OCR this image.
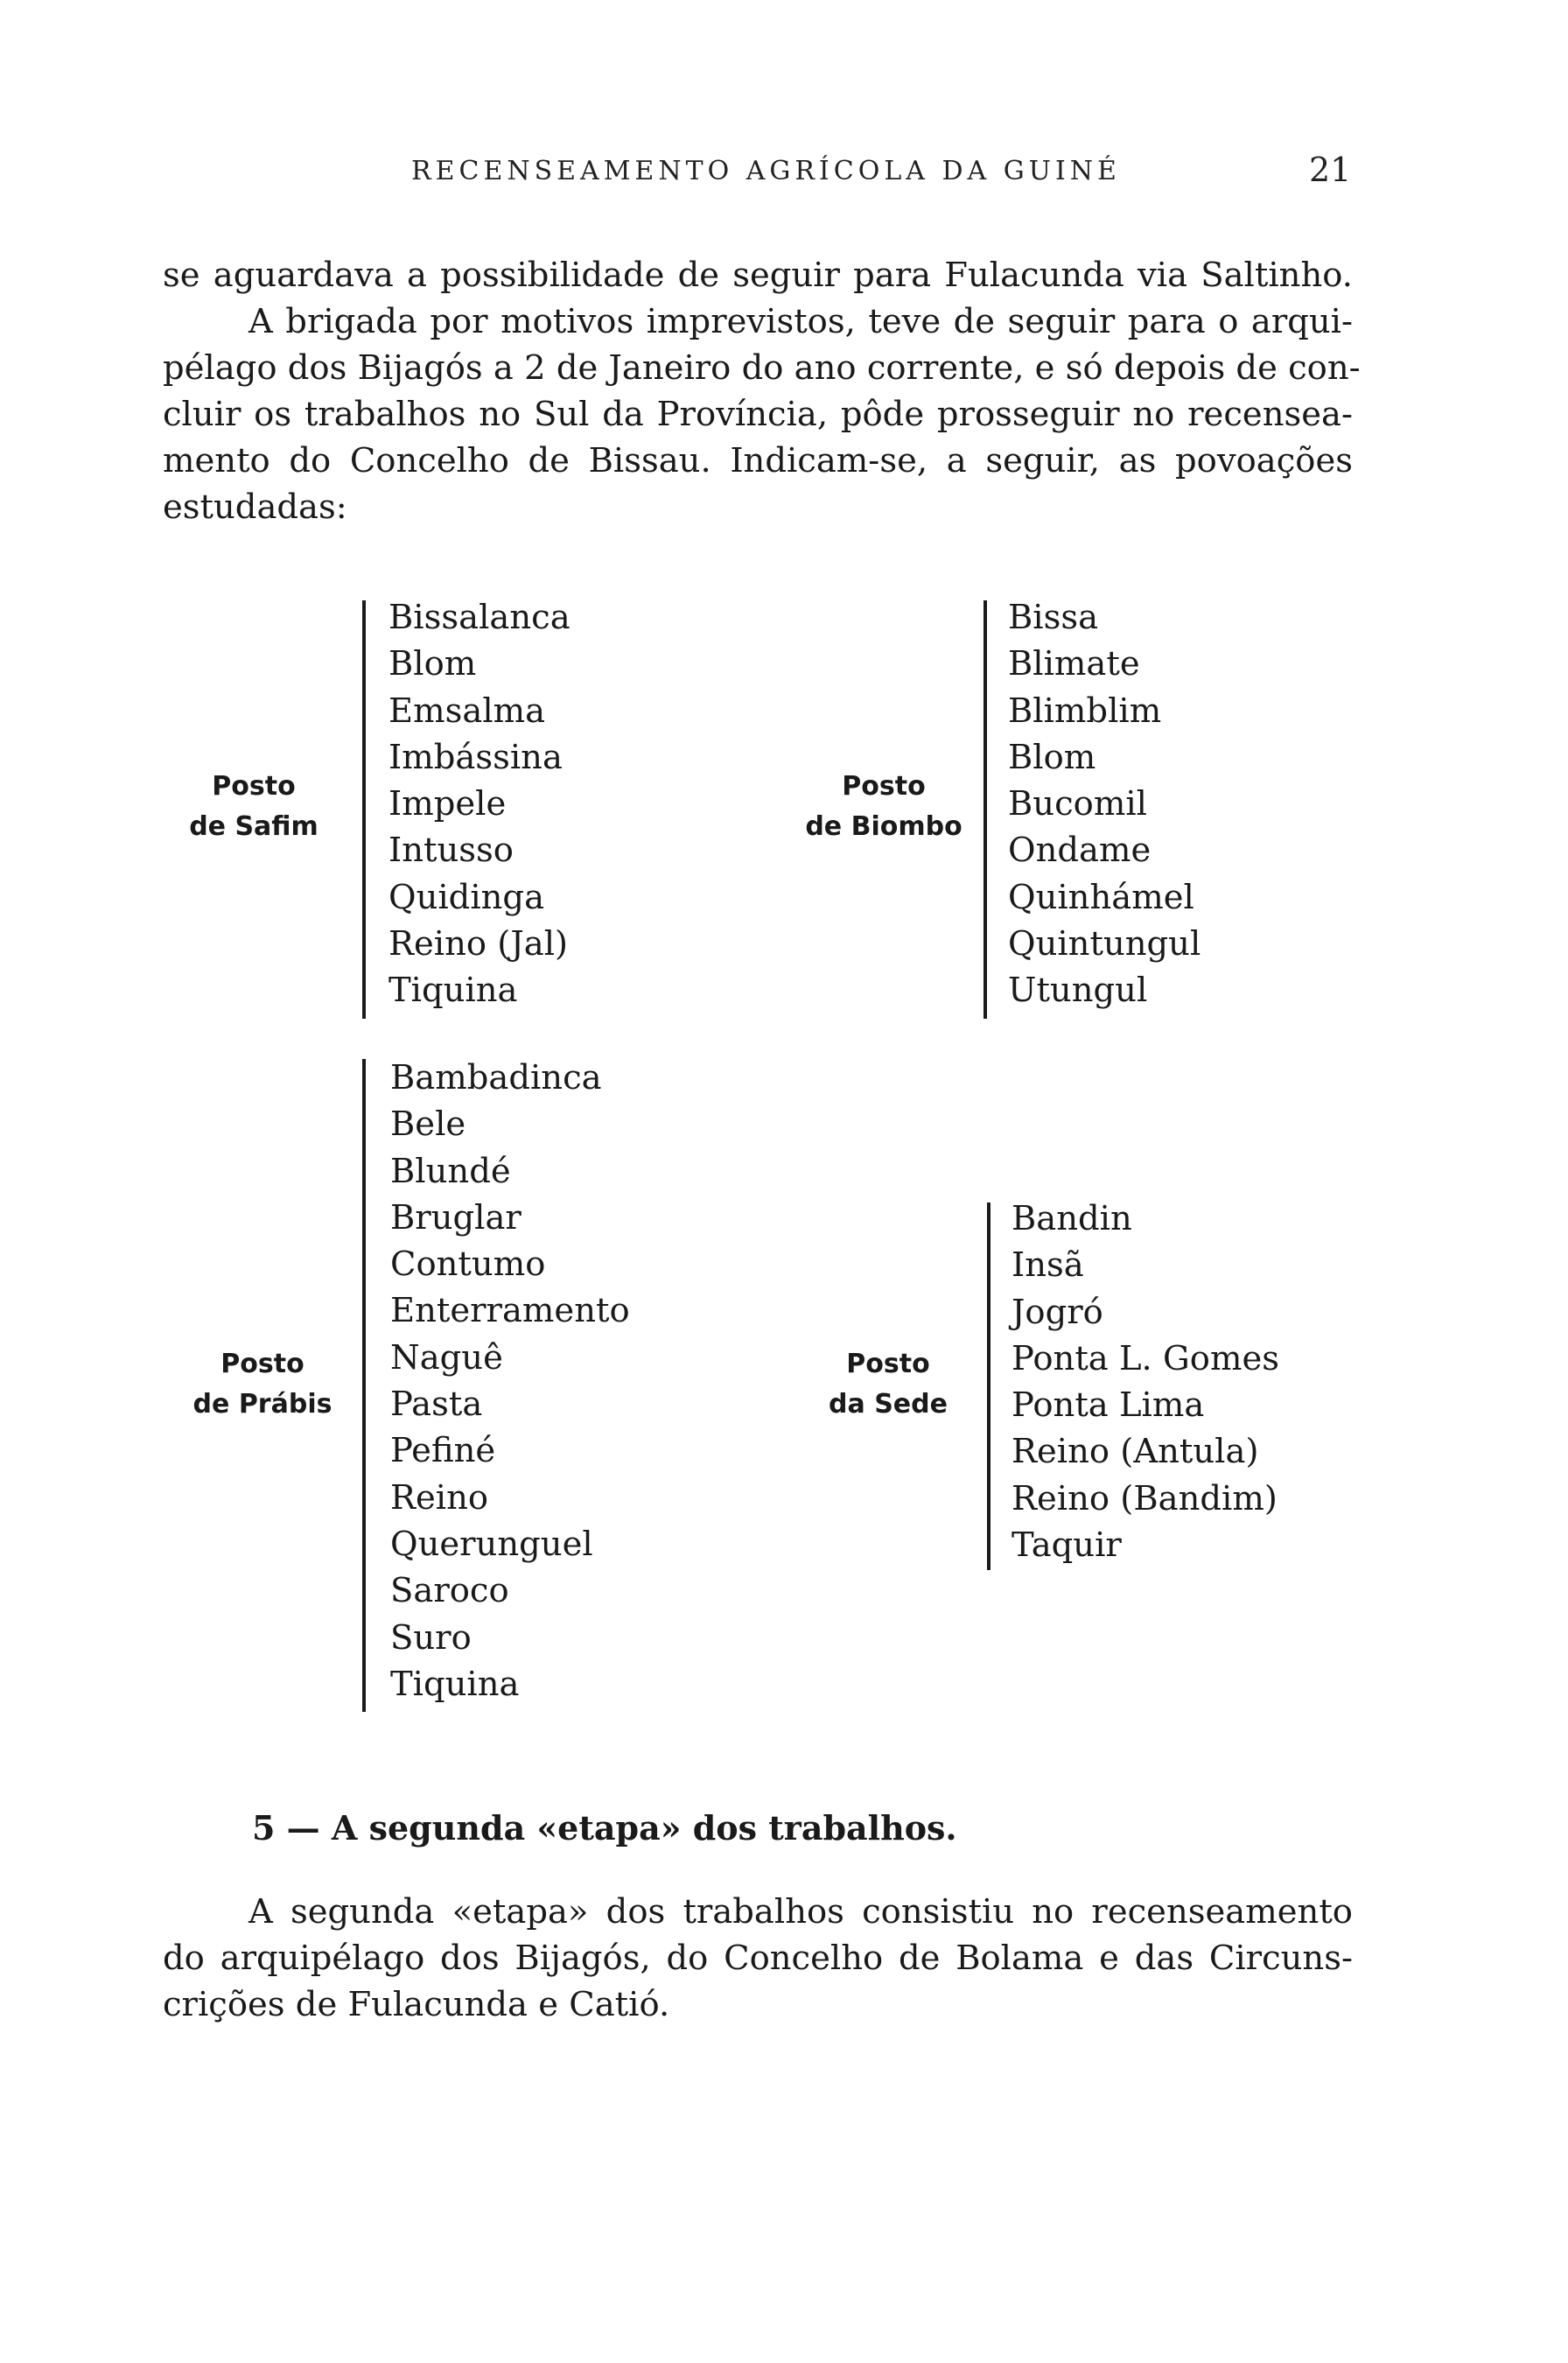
RECENSEAMENTO AGRÍCOLA DA GUINÉ	21
se aguardava a possibilidade de seguir para Fulacunda via Saltinho.
A brigada por motivos imprevistos, teve de seguir para o arqui-
pélago dos Bijagós a 2 de Janeiro do ano corrente, e só depois de con-
cluir os trabalhos no Sul da Província, pôde prosseguir no recensea-
mento do Concelho de Bissau. Indicam-se, a seguir, as povoações
estudadas:
Posto
de Safim
Bissalanca
Blom
Emsalma
Imbássina
Impele
Intusso
Quidinga
Reino (Jal)
Tiquina
Posto
de Biombo
Bissa
Blimate
Blimblim
Blom
Bucomil
Ondame
Quinhámel
Quintungul
Utungul
Posto
de Prábis
Bambadinca
Bele
Blundé
Bruglar
Contumo
Enterramento
Naguê
Pasta
Pefiné
Reino
Querunguel
Saroco
Suro
Tiquina
Posto
da Sede
Bandin
Insã
Jogró
Ponta L. Gomes
Ponta Lima
Reino (Antula)
Reino (Bandim)
Taquir
5 — A segunda «etapa» dos trabalhos.
A segunda «etapa» dos trabalhos consistiu no recenseamento
do arquipélago dos Bijagós, do Concelho de Bolama e das Circuns-
crições de Fulacunda e Catió.
